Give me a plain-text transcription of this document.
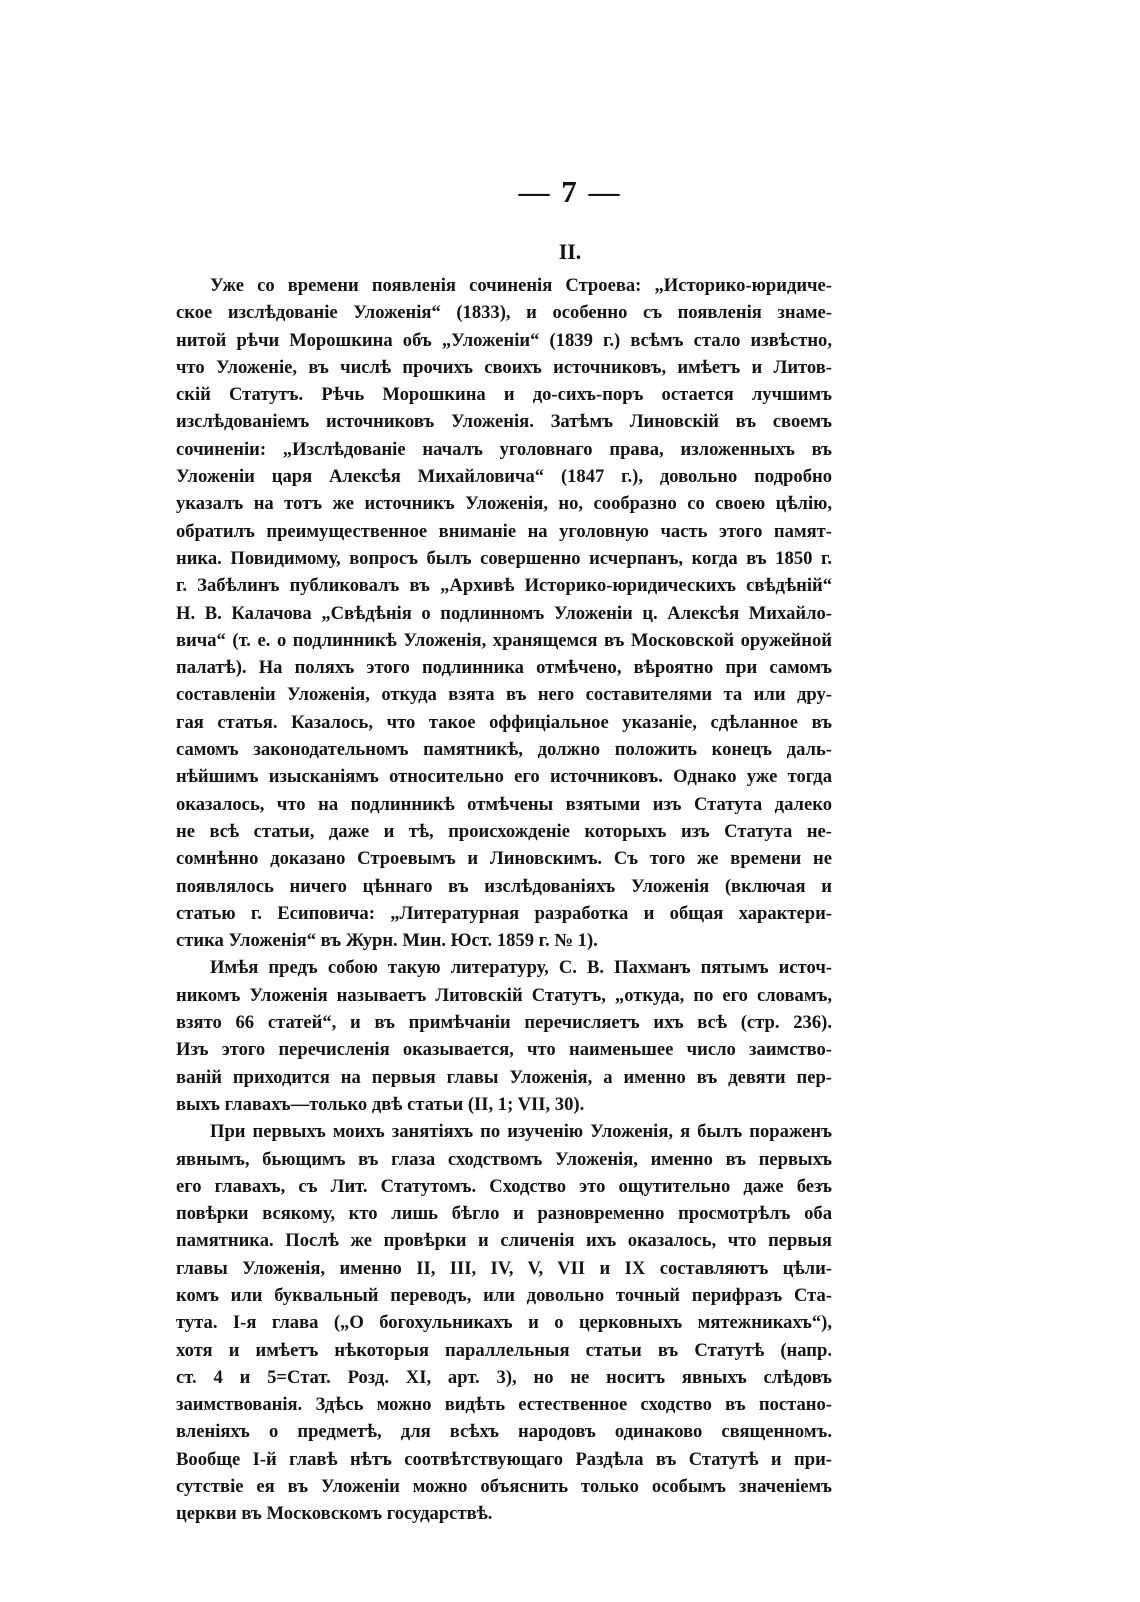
— 7 —
II.
Уже со времени появленія сочиненія Строева: „Историко-юридиче-
ское изслѣдованіе Уложенія“ (1833), и особенно съ появленія знаме-
нитой рѣчи Морошкина объ „Уложеніи“ (1839 г.) всѣмъ стало извѣстно,
что Уложеніе, въ числѣ прочихъ своихъ источниковъ, имѣетъ и Литов-
скій Статутъ. Рѣчь Морошкина и до-сихъ-поръ остается лучшимъ
изслѣдованіемъ источниковъ Уложенія. Затѣмъ Линовскій въ своемъ
сочиненіи: „Изслѣдованіе началъ уголовнаго права, изложенныхъ въ
Уложеніи царя Алексѣя Михайловича“ (1847 г.), довольно подробно
указалъ на тотъ же источникъ Уложенія, но, сообразно со своею цѣлію,
обратилъ преимущественное вниманіе на уголовную часть этого памят-
ника. Повидимому, вопросъ былъ совершенно исчерпанъ, когда въ 1850 г.
г. Забѣлинъ публиковалъ въ „Архивѣ Историко-юридическихъ свѣдѣній“
Н. В. Калачова „Свѣдѣнія о подлинномъ Уложеніи ц. Алексѣя Михайло-
вича“ (т. е. о подлинникѣ Уложенія, хранящемся въ Московской оружейной
палатѣ). На поляхъ этого подлинника отмѣчено, вѣроятно при самомъ
составленіи Уложенія, откуда взята въ него составителями та или дру-
гая статья. Казалось, что такое оффиціальное указаніе, сдѣланное въ
самомъ законодательномъ памятникѣ, должно положить конецъ даль-
нѣйшимъ изысканіямъ относительно его источниковъ. Однако уже тогда
оказалось, что на подлинникѣ отмѣчены взятыми изъ Статута далеко
не всѣ статьи, даже и тѣ, происхожденіе которыхъ изъ Статута не-
сомнѣнно доказано Строевымъ и Линовскимъ. Съ того же времени не
появлялось ничего цѣннаго въ изслѣдованіяхъ Уложенія (включая и
статью г. Есиповича: „Литературная разработка и общая характери-
стика Уложенія“ въ Журн. Мин. Юст. 1859 г. № 1).
Имѣя предъ собою такую литературу, С. В. Пахманъ пятымъ источ-
никомъ Уложенія называетъ Литовскій Статутъ, „откуда, по его словамъ,
взято 66 статей“, и въ примѣчаніи перечисляетъ ихъ всѣ (стр. 236).
Изъ этого перечисленія оказывается, что наименьшее число заимство-
ваній приходится на первыя главы Уложенія, а именно въ девяти пер-
выхъ главахъ—только двѣ статьи (II, 1; VII, 30).
При первыхъ моихъ занятіяхъ по изученію Уложенія, я былъ пораженъ
явнымъ, бьющимъ въ глаза сходствомъ Уложенія, именно въ первыхъ
его главахъ, съ Лит. Статутомъ. Сходство это ощутительно даже безъ
повѣрки всякому, кто лишь бѣгло и разновременно просмотрѣлъ оба
памятника. Послѣ же провѣрки и сличенія ихъ оказалось, что первыя
главы Уложенія, именно II, III, IV, V, VII и IX составляютъ цѣли-
комъ или буквальный переводъ, или довольно точный перифразъ Ста-
тута. I-я глава („О богохульникахъ и о церковныхъ мятежникахъ“),
хотя и имѣетъ нѣкоторыя параллельныя статьи въ Статутѣ (напр.
ст. 4 и 5=Стат. Розд. XI, арт. 3), но не носитъ явныхъ слѣдовъ
заимствованія. Здѣсь можно видѣть естественное сходство въ постано-
вленіяхъ о предметѣ, для всѣхъ народовъ одинаково священномъ.
Вообще I-й главѣ нѣтъ соотвѣтствующаго Раздѣла въ Статутѣ и при-
сутствіе ея въ Уложеніи можно объяснить только особымъ значеніемъ
церкви въ Московскомъ государствѣ.
